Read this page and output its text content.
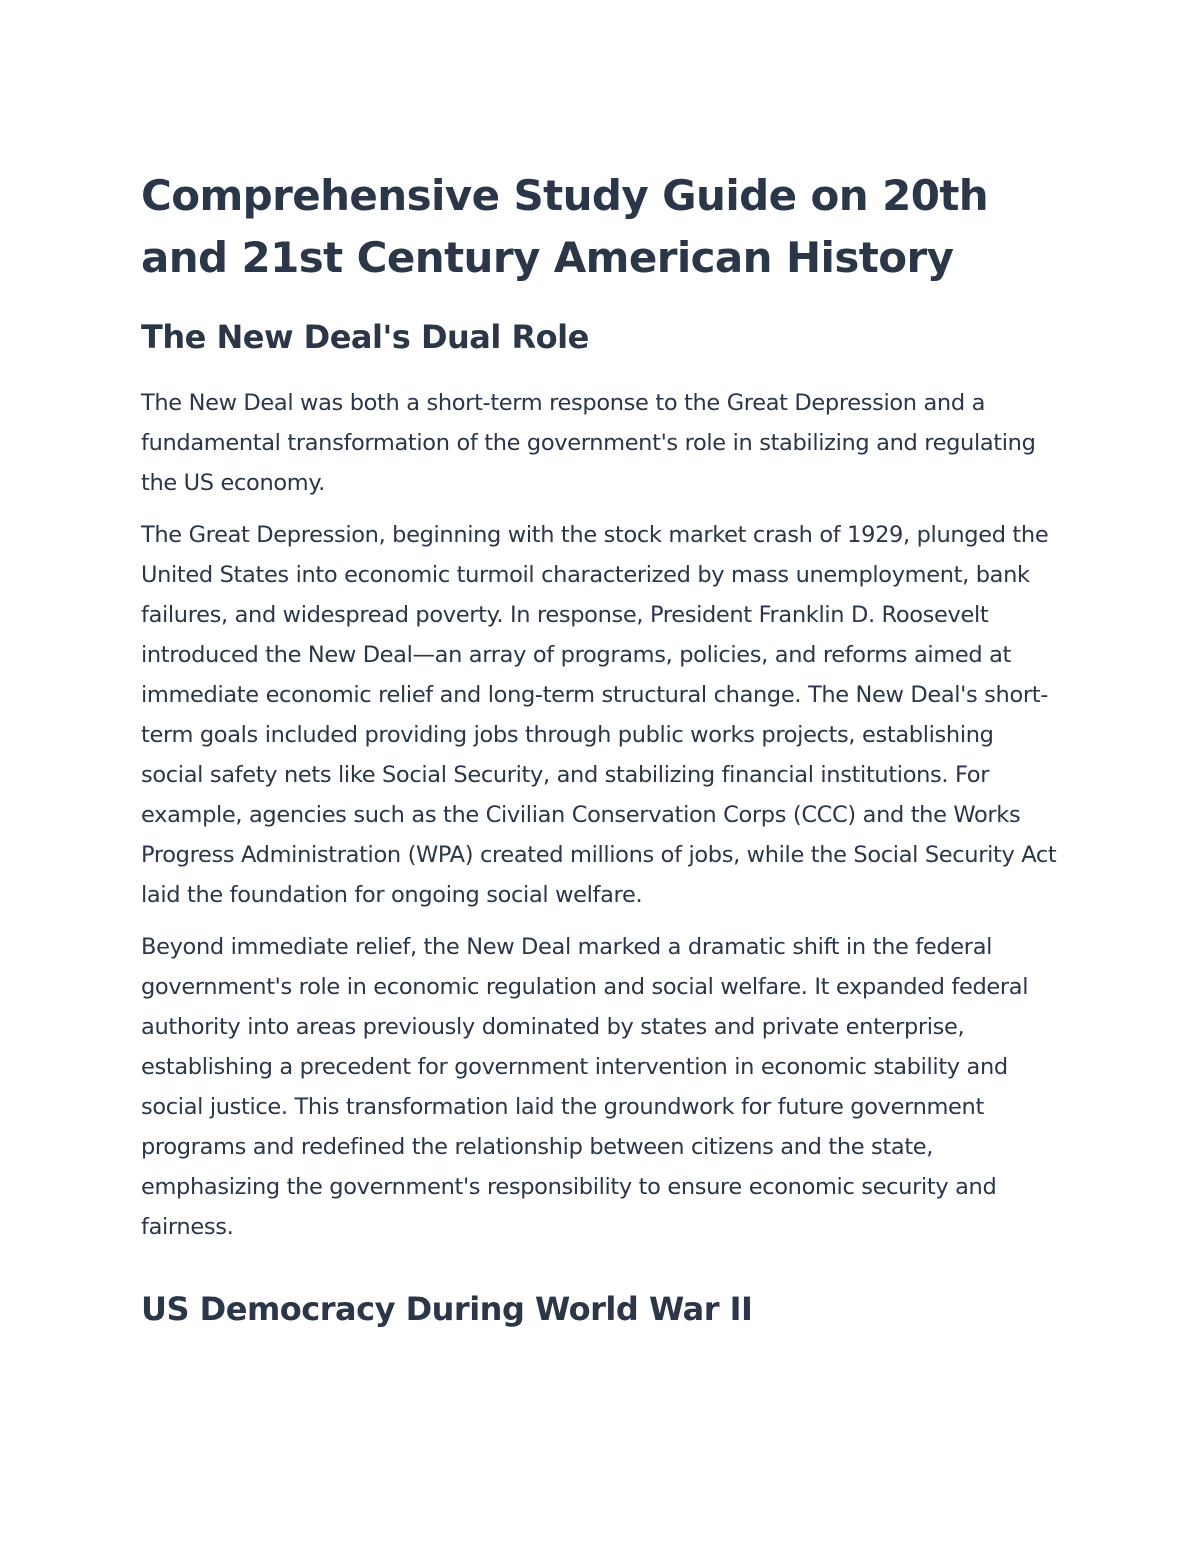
Comprehensive Study Guide on 20th and 21st Century American History
The New Deal's Dual Role

The New Deal was both a short-term response to the Great Depression and a fundamental transformation of the government's role in stabilizing and regulating the US economy.

The Great Depression, beginning with the stock market crash of 1929, plunged the United States into economic turmoil characterized by mass unemployment, bank failures, and widespread poverty. In response, President Franklin D. Roosevelt introduced the New Deal—an array of programs, policies, and reforms aimed at immediate economic relief and long-term structural change. The New Deal's short-term goals included providing jobs through public works projects, establishing social safety nets like Social Security, and stabilizing financial institutions. For example, agencies such as the Civilian Conservation Corps (CCC) and the Works Progress Administration (WPA) created millions of jobs, while the Social Security Act laid the foundation for ongoing social welfare.

Beyond immediate relief, the New Deal marked a dramatic shift in the federal government's role in economic regulation and social welfare. It expanded federal authority into areas previously dominated by states and private enterprise, establishing a precedent for government intervention in economic stability and social justice. This transformation laid the groundwork for future government programs and redefined the relationship between citizens and the state, emphasizing the government's responsibility to ensure economic security and fairness.

US Democracy During World War II
